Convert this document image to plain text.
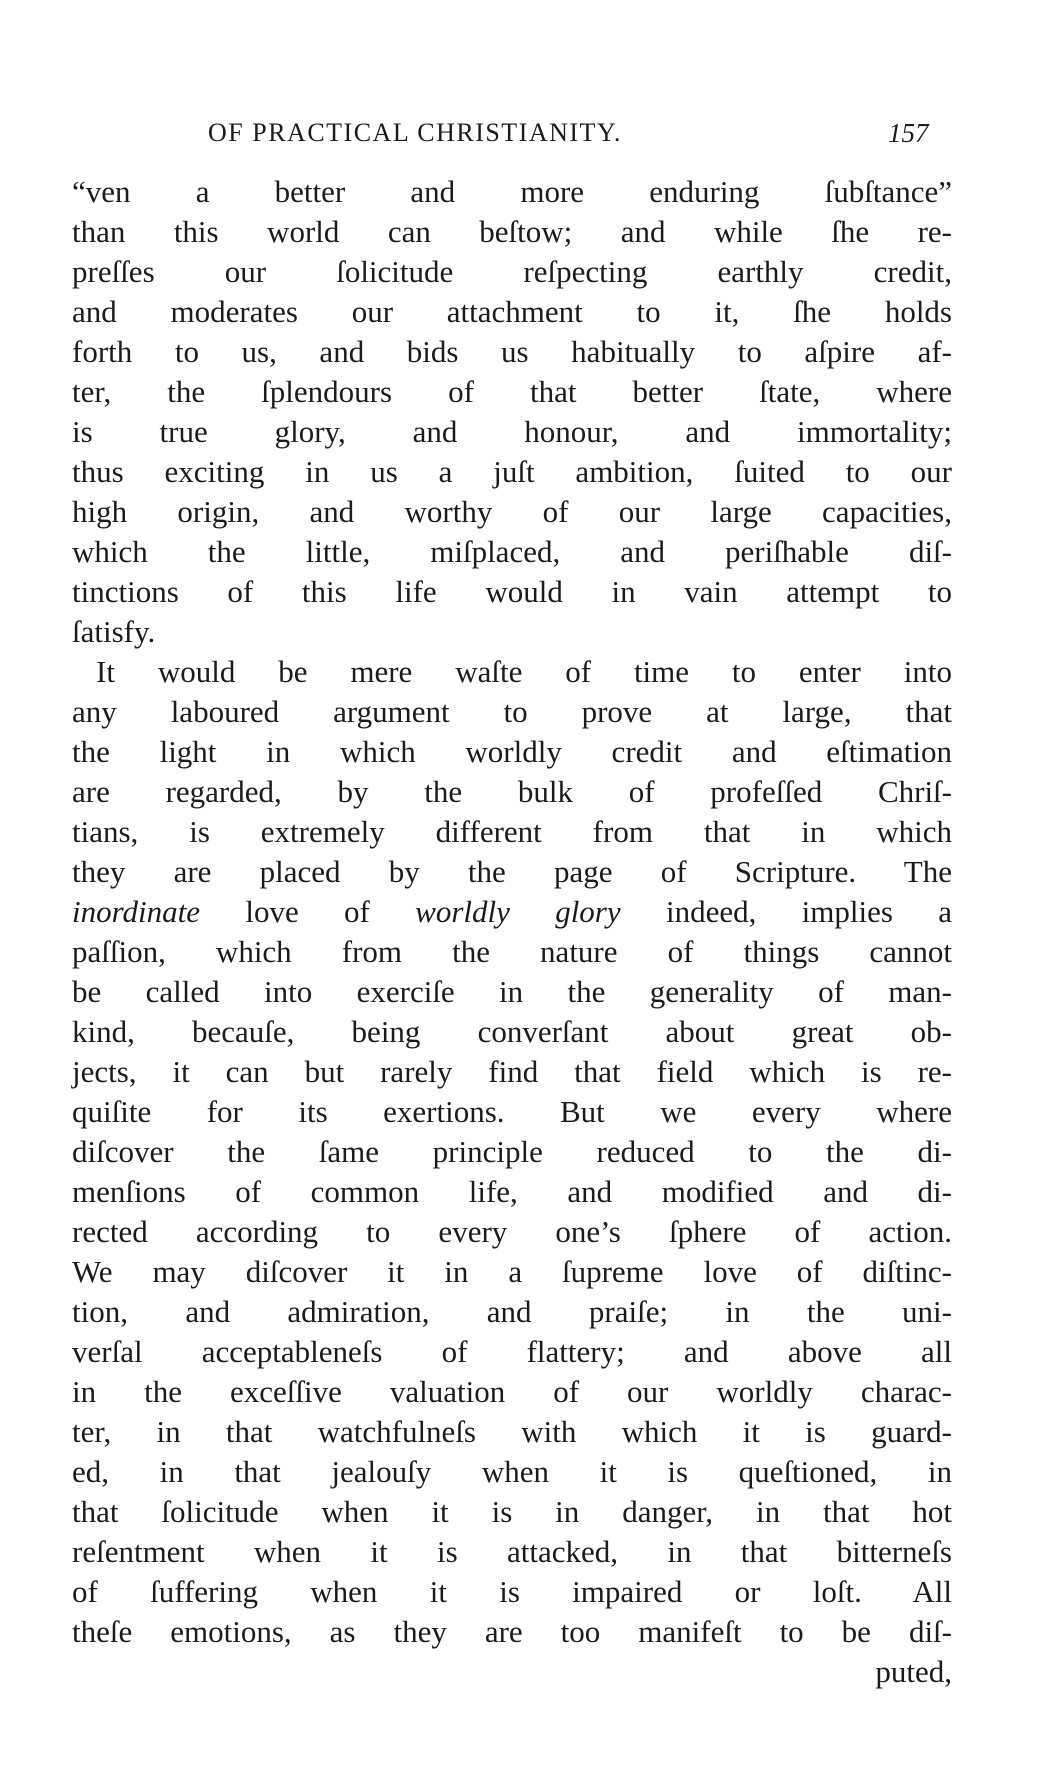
OF PRACTICAL CHRISTIANITY.	157
“ven a better and more enduring ſubſtance”
than this world can beſtow; and while ſhe re-
preſſes our ſolicitude reſpecting earthly credit,
and moderates our attachment to it, ſhe holds
forth to us, and bids us habitually to aſpire af-
ter, the ſplendours of that better ſtate, where
is true glory, and honour, and immortality;
thus exciting in us a juſt ambition, ſuited to our
high origin, and worthy of our large capacities,
which the little, miſplaced, and periſhable diſ-
tinctions of this life would in vain attempt to
ſatisfy.
It would be mere waſte of time to enter into
any laboured argument to prove at large, that
the light in which worldly credit and eſtimation
are regarded, by the bulk of profeſſed Chriſ-
tians, is extremely different from that in which
they are placed by the page of Scripture. The
inordinate love of worldly glory indeed, implies a
paſſion, which from the nature of things cannot
be called into exerciſe in the generality of man-
kind, becauſe, being converſant about great ob-
jects, it can but rarely find that field which is re-
quiſite for its exertions. But we every where
diſcover the ſame principle reduced to the di-
menſions of common life, and modified and di-
rected according to every one’s ſphere of action.
We may diſcover it in a ſupreme love of diſtinc-
tion, and admiration, and praiſe; in the uni-
verſal acceptableneſs of flattery; and above all
in the exceſſive valuation of our worldly charac-
ter, in that watchfulneſs with which it is guard-
ed, in that jealouſy when it is queſtioned, in
that ſolicitude when it is in danger, in that hot
reſentment when it is attacked, in that bitterneſs
of ſuffering when it is impaired or loſt. All
theſe emotions, as they are too manifeſt to be diſ-
puted,
